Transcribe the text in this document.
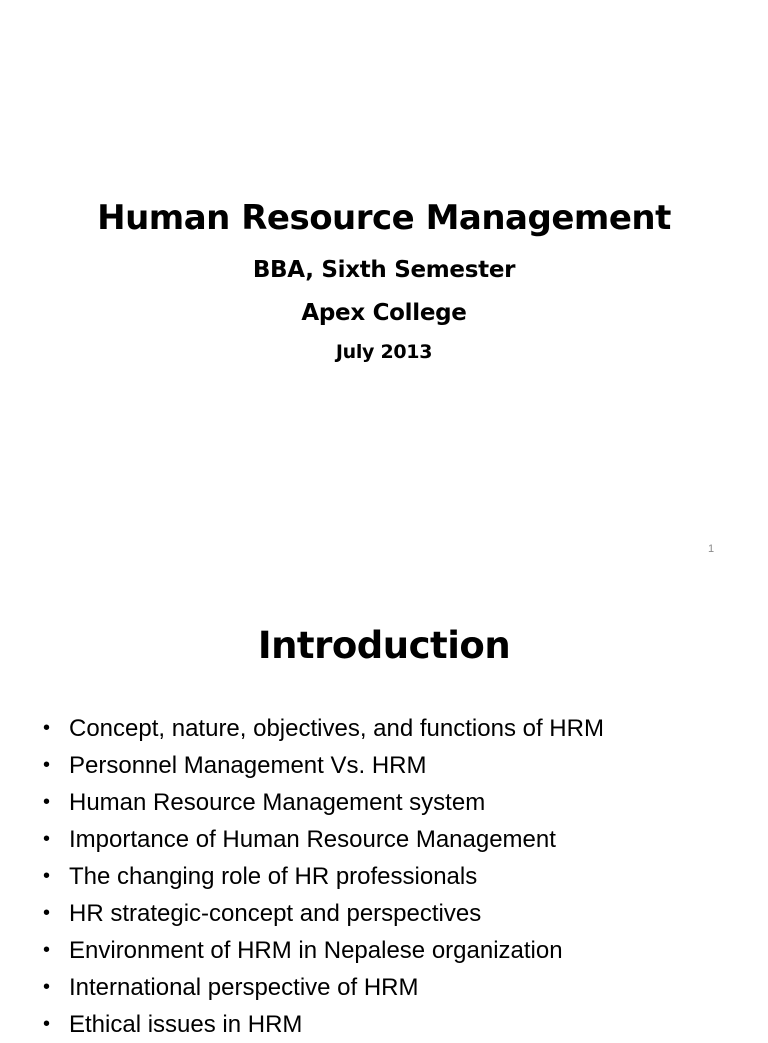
Human Resource Management
BBA, Sixth Semester
Apex College
July 2013
1
Introduction
• Concept, nature, objectives, and functions of HRM
• Personnel Management Vs. HRM
• Human Resource Management system
• Importance of Human Resource Management
• The changing role of HR professionals
• HR strategic-concept and perspectives
• Environment of HRM in Nepalese organization
• International perspective of HRM
• Ethical issues in HRM
